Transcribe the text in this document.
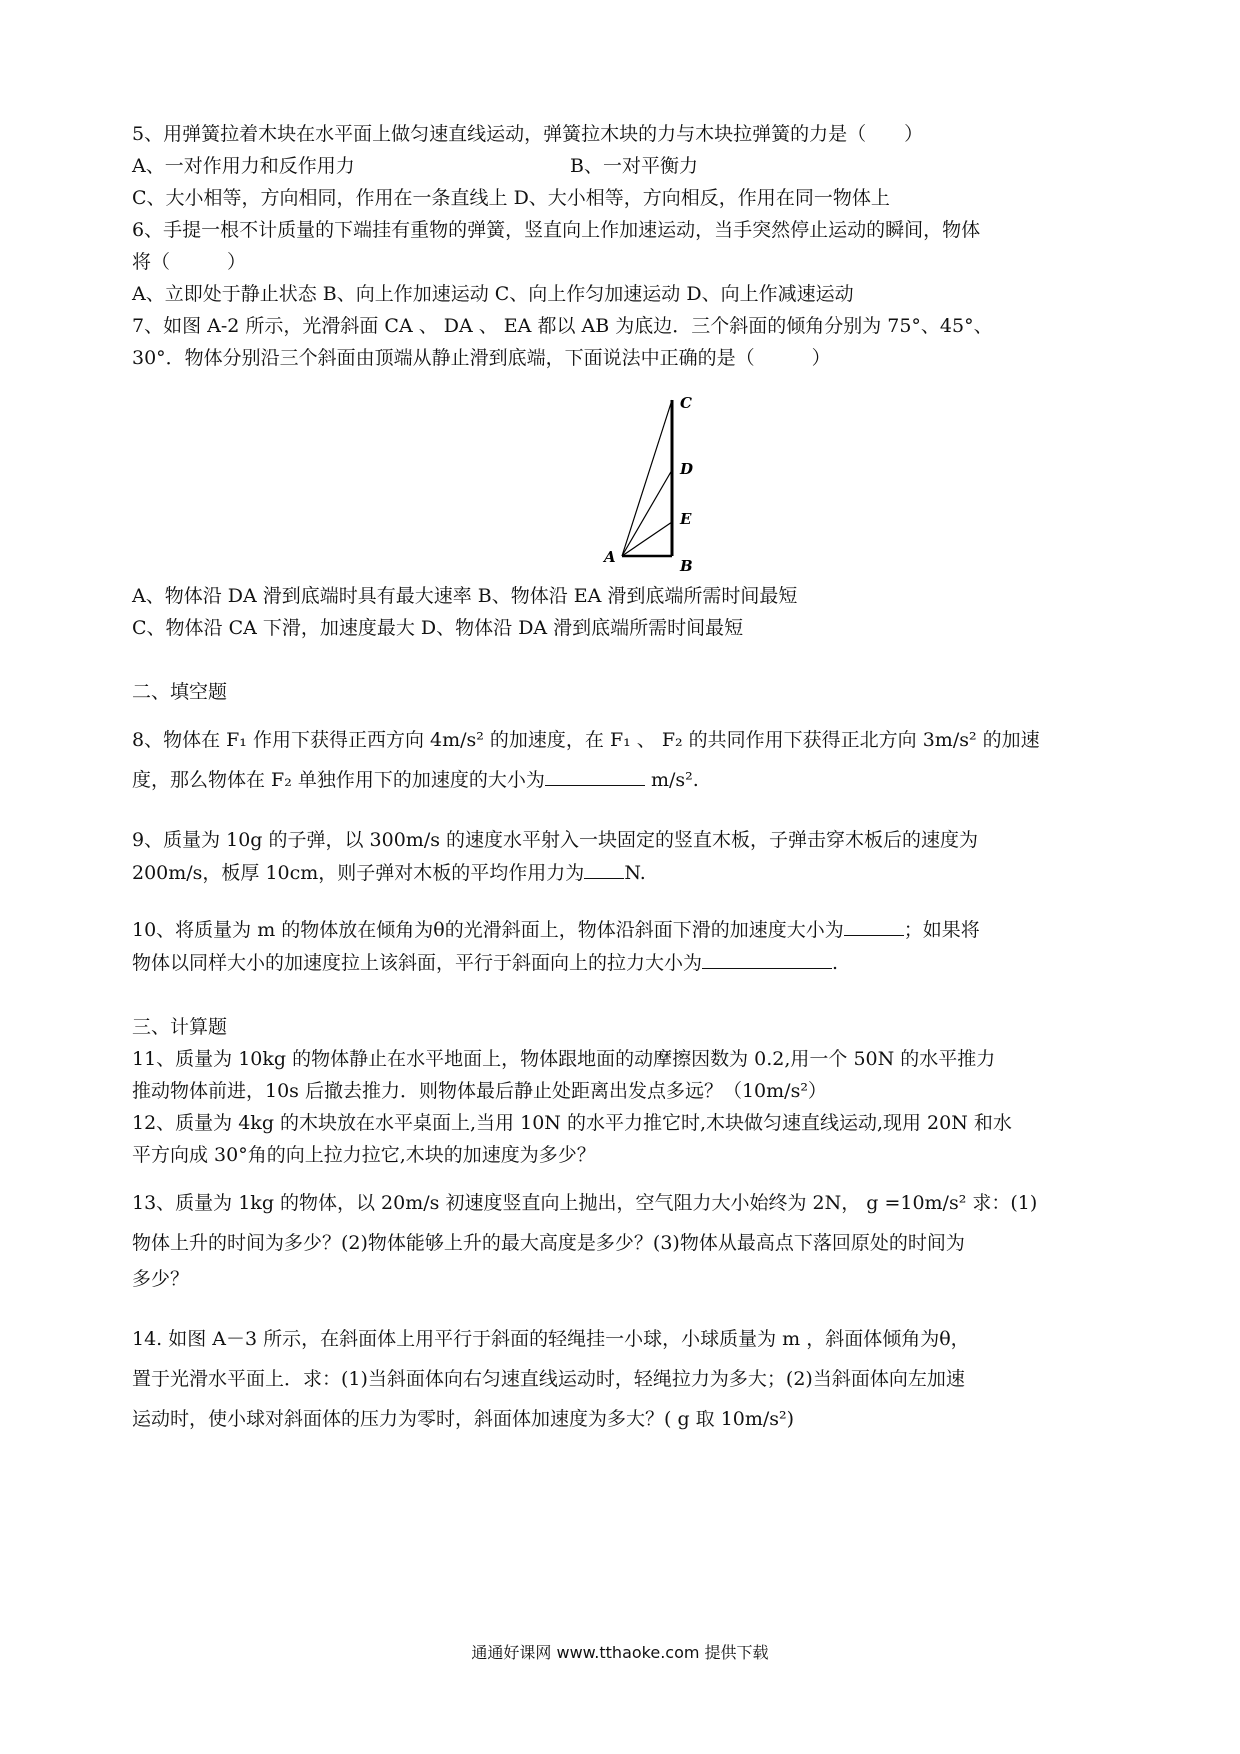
5、用弹簧拉着木块在水平面上做匀速直线运动，弹簧拉木块的力与木块拉弹簧的力是（　　）
A、一对作用力和反作用力	B、一对平衡力
C、大小相等，方向相同，作用在一条直线上 D、大小相等，方向相反，作用在同一物体上
6、手提一根不计质量的下端挂有重物的弹簧，竖直向上作加速运动，当手突然停止运动的瞬间，物体
将（　　　）
A、立即处于静止状态 B、向上作加速运动 C、向上作匀加速运动 D、向上作减速运动
7、如图 A-2 所示，光滑斜面 CA 、 DA 、 EA 都以 AB 为底边．三个斜面的倾角分别为 75°、45°、
30°．物体分别沿三个斜面由顶端从静止滑到底端，下面说法中正确的是（　　　）
C
D
E
B
A
A、物体沿 DA 滑到底端时具有最大速率 B、物体沿 EA 滑到底端所需时间最短
C、物体沿 CA 下滑，加速度最大 D、物体沿 DA 滑到底端所需时间最短
二、填空题
8、物体在 F₁ 作用下获得正西方向 4m/s² 的加速度，在 F₁ 、 F₂ 的共同作用下获得正北方向 3m/s² 的加速
度，那么物体在 F₂ 单独作用下的加速度的大小为	m/s².
9、质量为 10g 的子弹，以 300m/s 的速度水平射入一块固定的竖直木板，子弹击穿木板后的速度为
200m/s，板厚 10cm，则子弹对木板的平均作用力为 N.
10、将质量为 m 的物体放在倾角为θ的光滑斜面上，物体沿斜面下滑的加速度大小为	；如果将
物体以同样大小的加速度拉上该斜面，平行于斜面向上的拉力大小为	.
三、计算题
11、质量为 10kg 的物体静止在水平地面上，物体跟地面的动摩擦因数为 0.2,用一个 50N 的水平推力
推动物体前进，10s 后撤去推力．则物体最后静止处距离出发点多远？（10m/s²）
12、质量为 4kg 的木块放在水平桌面上,当用 10N 的水平力推它时,木块做匀速直线运动,现用 20N 和水
平方向成 30°角的向上拉力拉它,木块的加速度为多少？
13、质量为 1kg 的物体，以 20m/s 初速度竖直向上抛出，空气阻力大小始终为 2N， g =10m/s² 求：(1)
物体上升的时间为多少？(2)物体能够上升的最大高度是多少？(3)物体从最高点下落回原处的时间为
多少？
14. 如图 A－3 所示，在斜面体上用平行于斜面的轻绳挂一小球，小球质量为 m ，斜面体倾角为θ，
置于光滑水平面上．求：(1)当斜面体向右匀速直线运动时，轻绳拉力为多大；(2)当斜面体向左加速
运动时，使小球对斜面体的压力为零时，斜面体加速度为多大？( g 取 10m/s²)
通通好课网 www.tthaoke.com 提供下载
